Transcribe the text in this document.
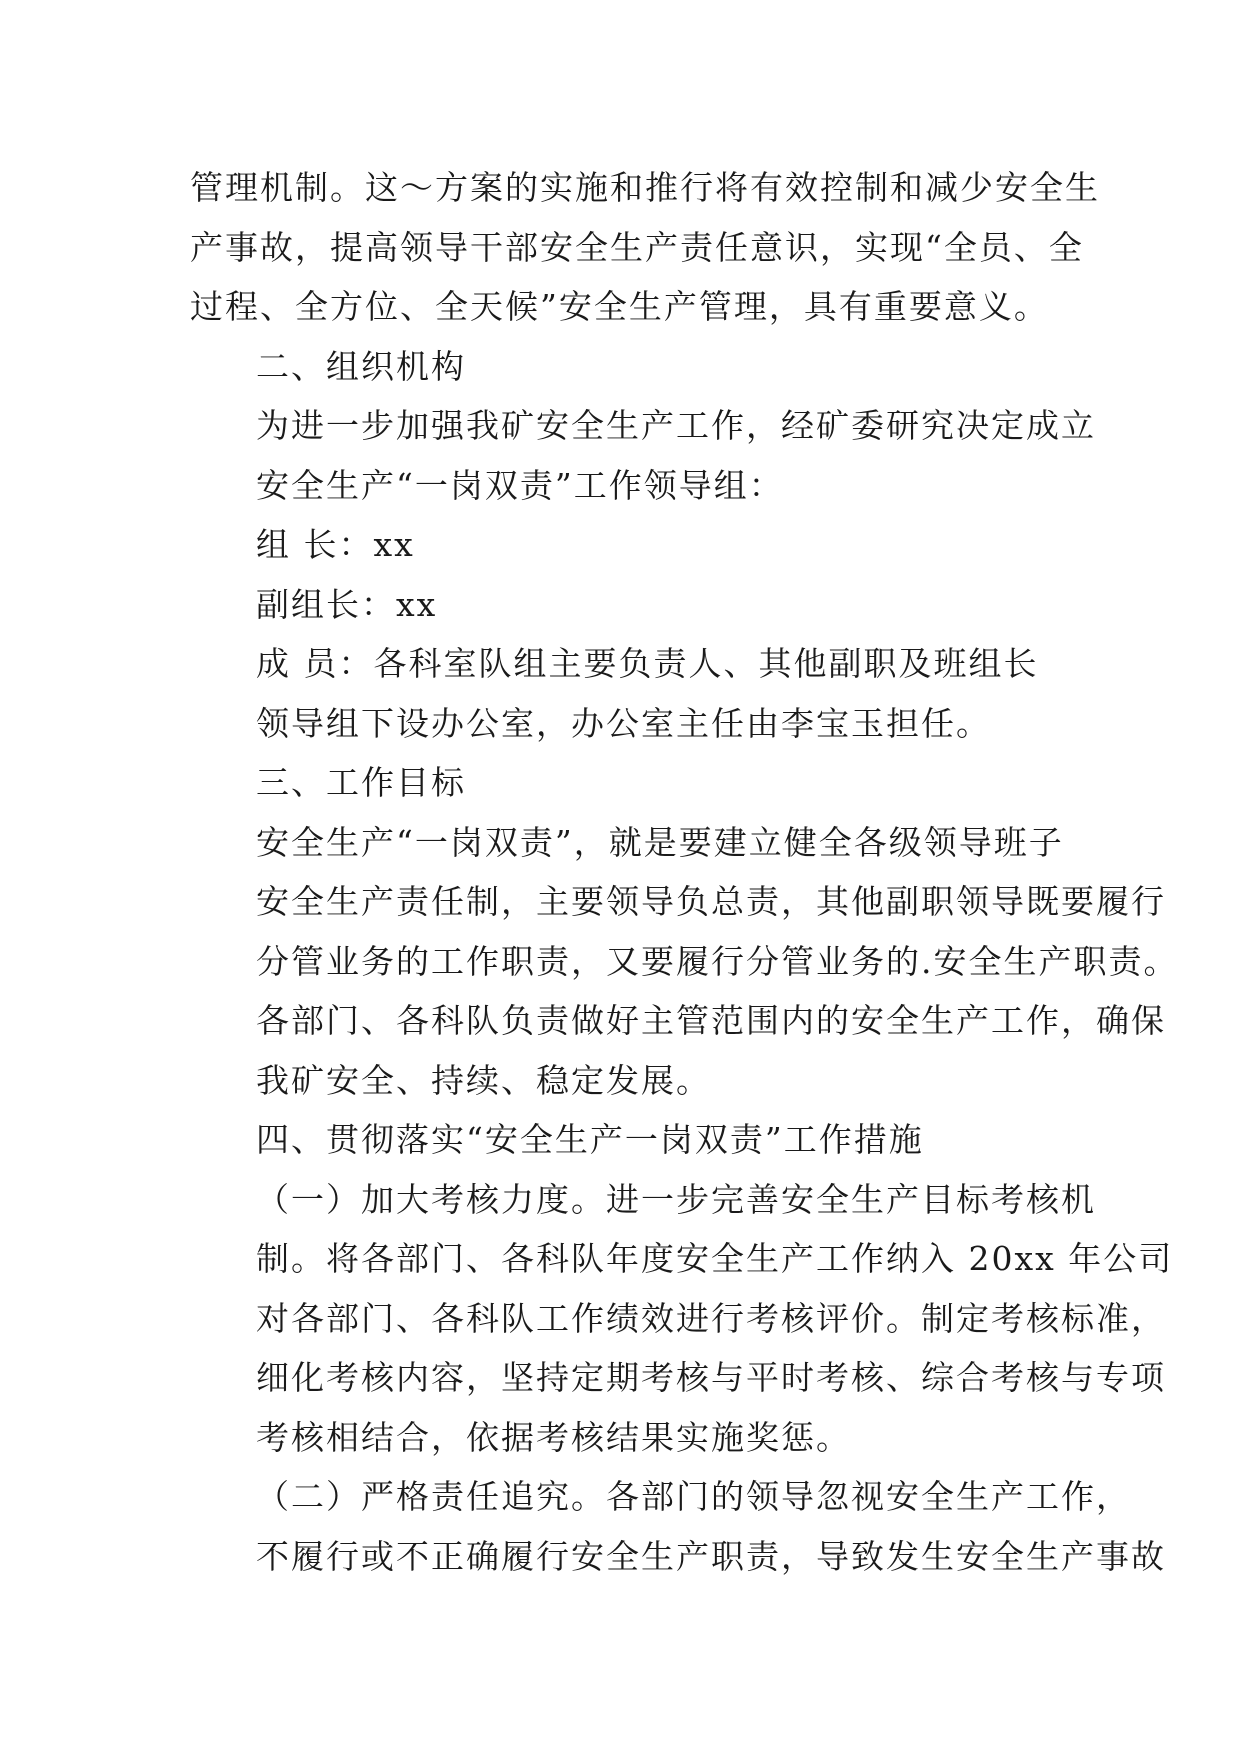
管理机制。这～方案的实施和推行将有效控制和减少安全生
产事故，提高领导干部安全生产责任意识，实现“全员、全
过程、全方位、全天候”安全生产管理，具有重要意义。

二、组织机构

为进一步加强我矿安全生产工作，经矿委研究决定成立
安全生产“一岗双责”工作领导组：

组 长：xx

副组长：xx

成 员：各科室队组主要负责人、其他副职及班组长

领导组下设办公室，办公室主任由李宝玉担任。

三、工作目标

安全生产“一岗双责”，就是要建立健全各级领导班子
安全生产责任制，主要领导负总责，其他副职领导既要履行
分管业务的工作职责，又要履行分管业务的.安全生产职责。
各部门、各科队负责做好主管范围内的安全生产工作，确保
我矿安全、持续、稳定发展。

四、贯彻落实“安全生产一岗双责”工作措施

（一）加大考核力度。进一步完善安全生产目标考核机
制。将各部门、各科队年度安全生产工作纳入 20xx 年公司
对各部门、各科队工作绩效进行考核评价。制定考核标准，
细化考核内容，坚持定期考核与平时考核、综合考核与专项
考核相结合，依据考核结果实施奖惩。

（二）严格责任追究。各部门的领导忽视安全生产工作，
不履行或不正确履行安全生产职责，导致发生安全生产事故
